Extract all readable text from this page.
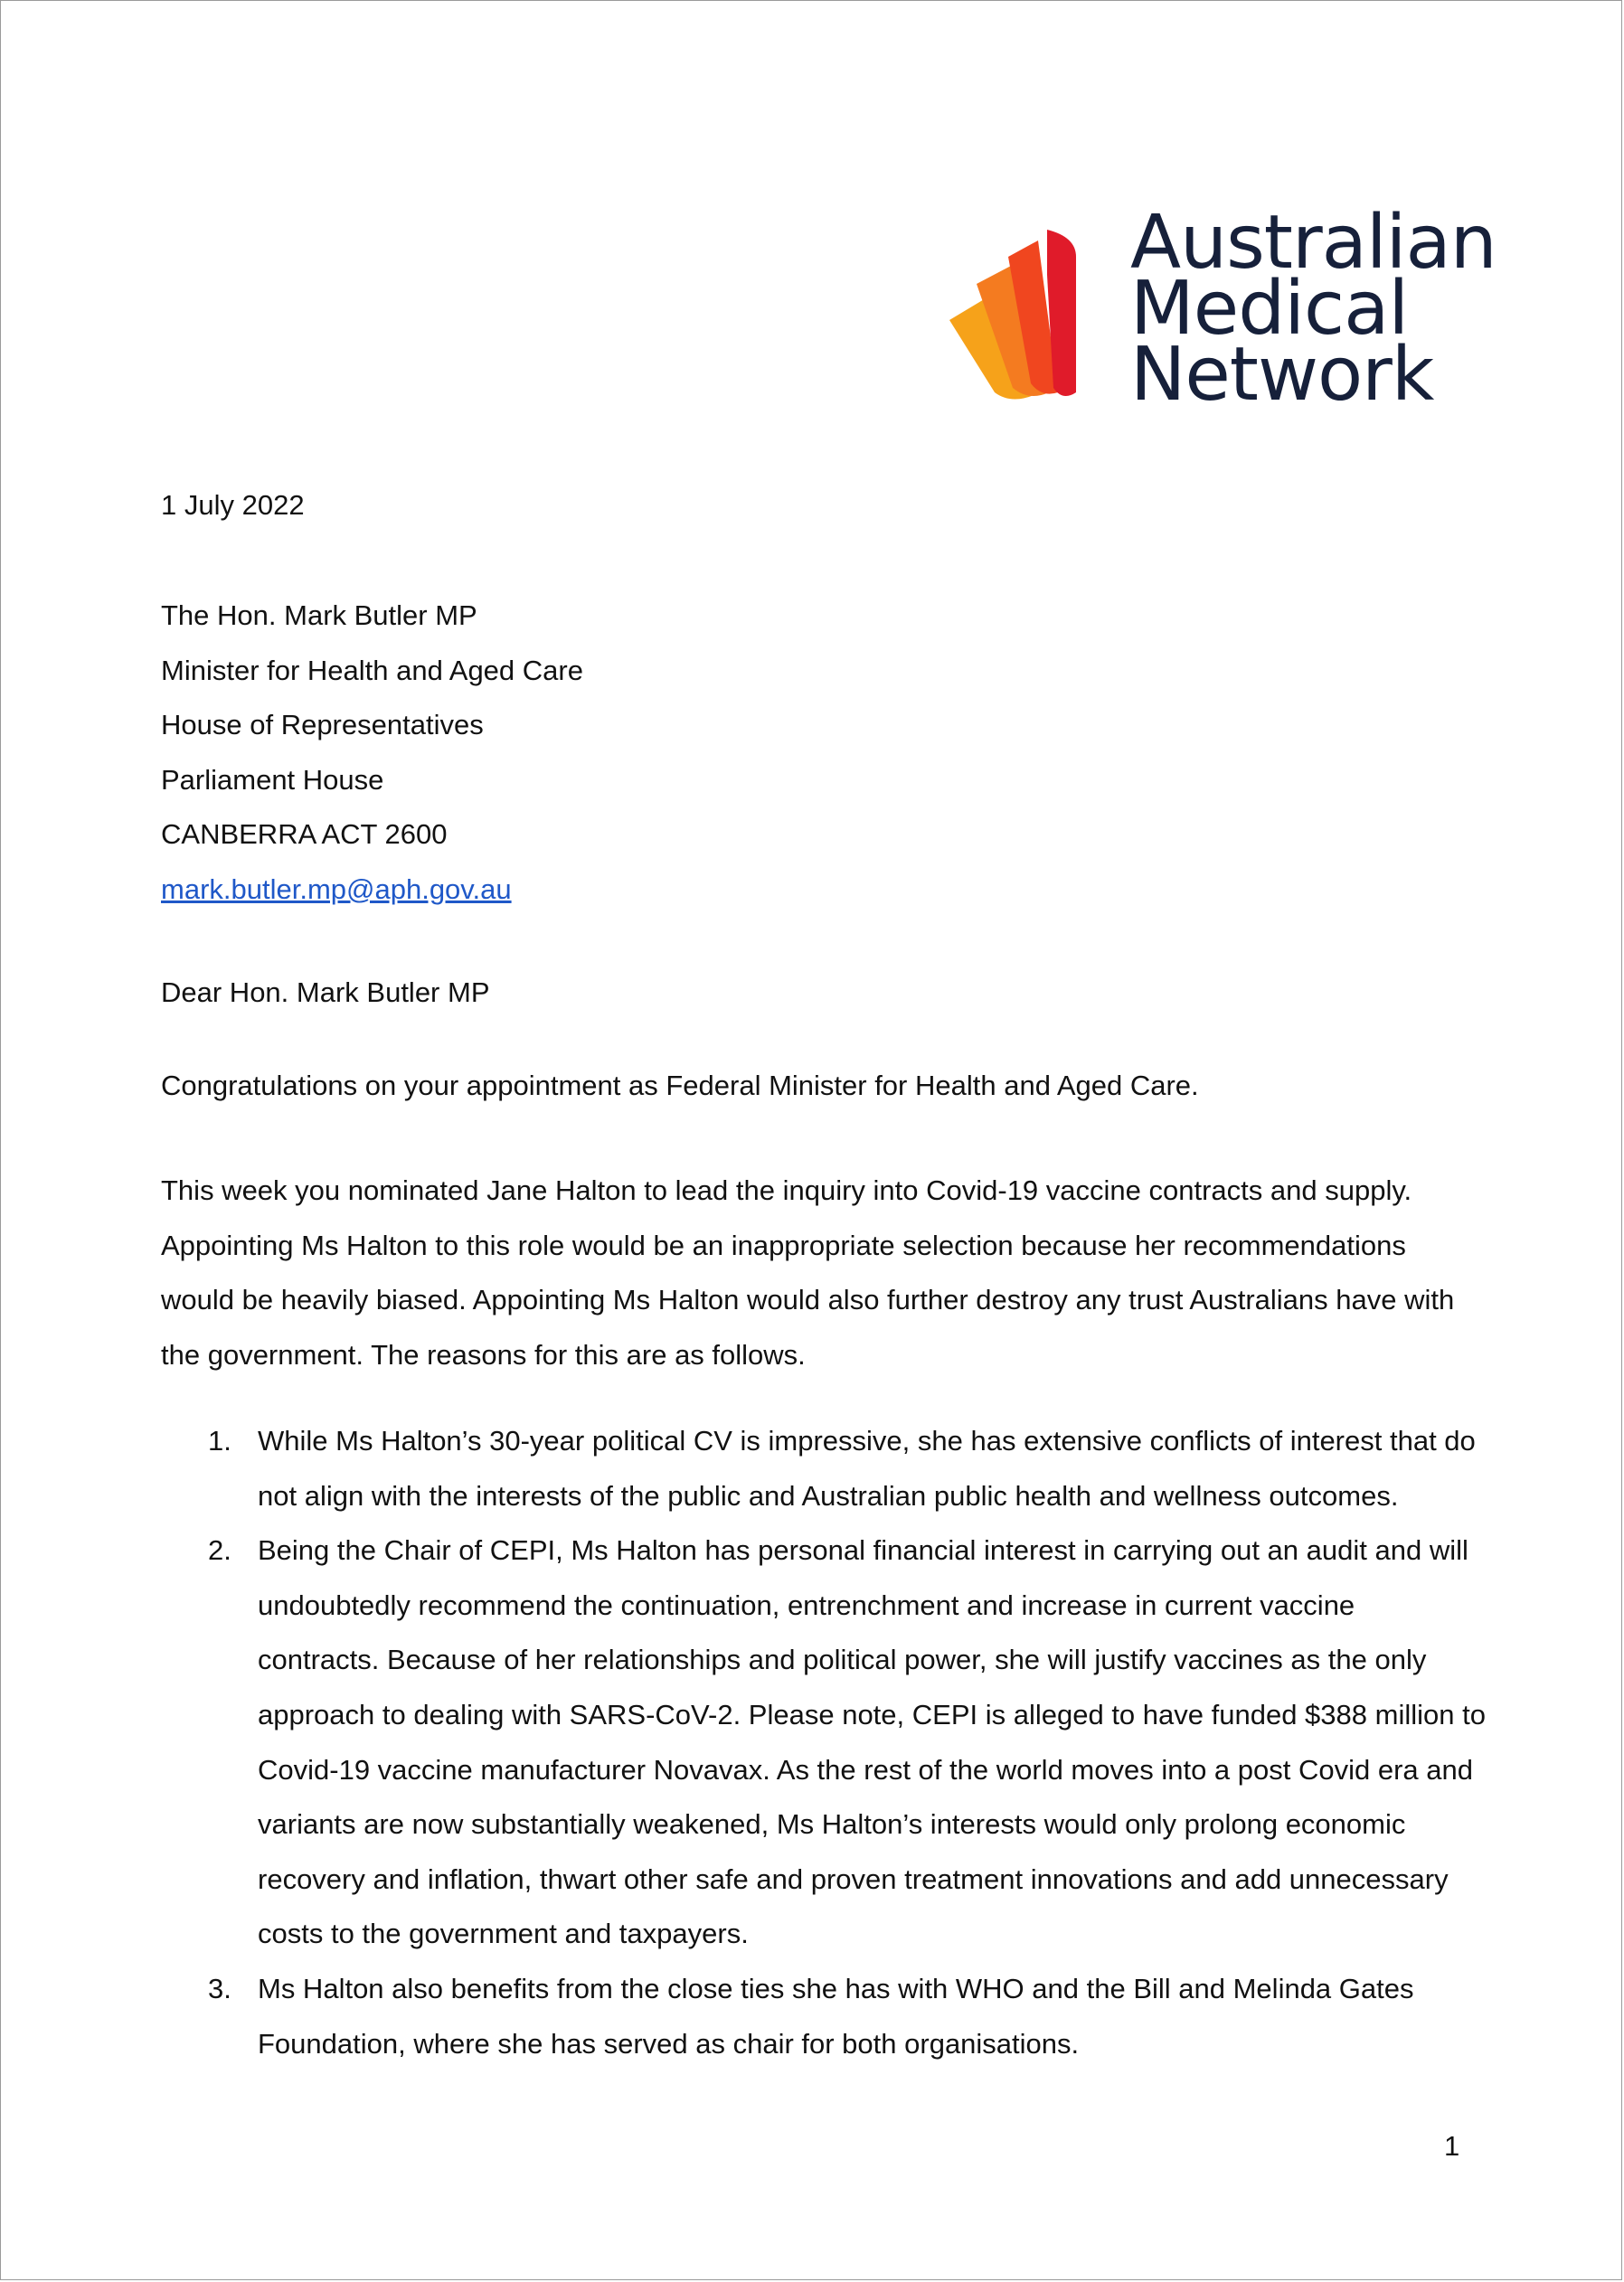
Australian
Medical
Network
1 July 2022
The Hon. Mark Butler MP
Minister for Health and Aged Care
House of Representatives
Parliament House
CANBERRA ACT 2600
mark.butler.mp@aph.gov.au
Dear Hon. Mark Butler MP
Congratulations on your appointment as Federal Minister for Health and Aged Care.
This week you nominated Jane Halton to lead the inquiry into Covid-19 vaccine contracts and supply.
Appointing Ms Halton to this role would be an inappropriate selection because her recommendations
would be heavily biased. Appointing Ms Halton would also further destroy any trust Australians have with
the government. The reasons for this are as follows.
1. While Ms Halton’s 30-year political CV is impressive, she has extensive conflicts of interest that do
not align with the interests of the public and Australian public health and wellness outcomes.
2. Being the Chair of CEPI, Ms Halton has personal financial interest in carrying out an audit and will
undoubtedly recommend the continuation, entrenchment and increase in current vaccine
contracts. Because of her relationships and political power, she will justify vaccines as the only
approach to dealing with SARS-CoV-2. Please note, CEPI is alleged to have funded $388 million to
Covid-19 vaccine manufacturer Novavax. As the rest of the world moves into a post Covid era and
variants are now substantially weakened, Ms Halton’s interests would only prolong economic
recovery and inflation, thwart other safe and proven treatment innovations and add unnecessary
costs to the government and taxpayers.
3. Ms Halton also benefits from the close ties she has with WHO and the Bill and Melinda Gates
Foundation, where she has served as chair for both organisations.
1
